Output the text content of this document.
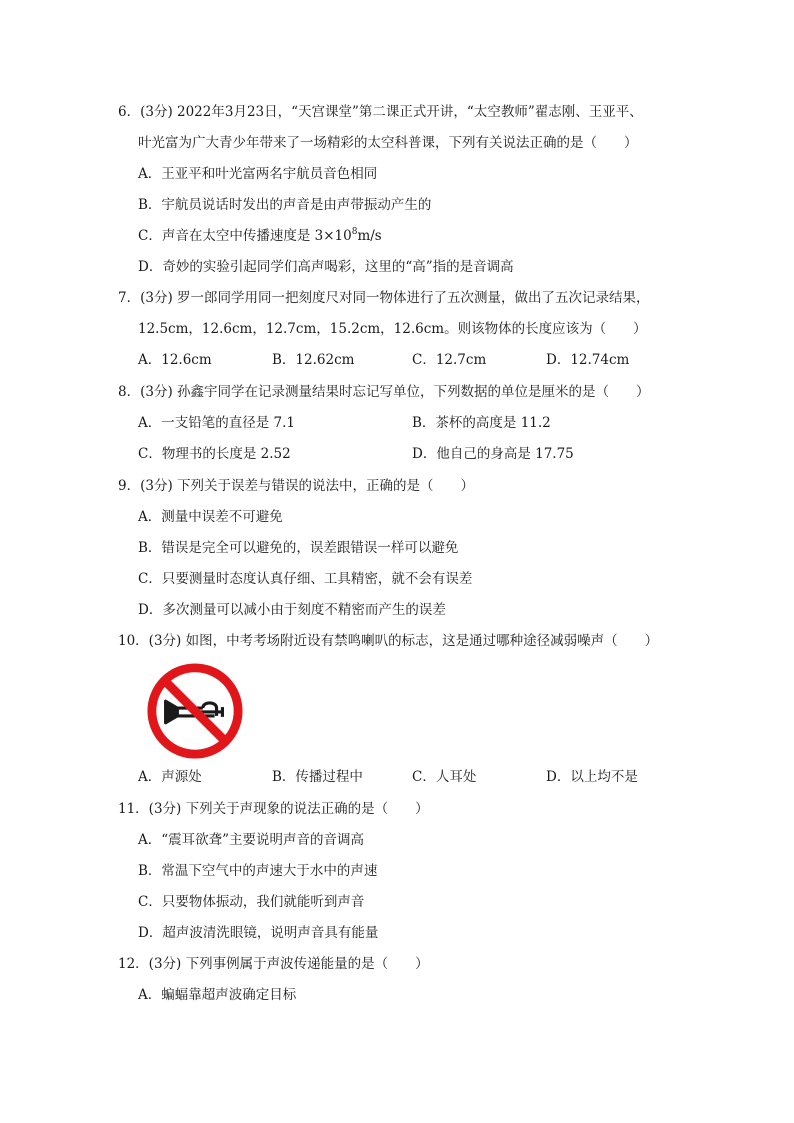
6．(3分) 2022年3月23日，“天宫课堂”第二课正式开讲，“太空教师”翟志刚、王亚平、
叶光富为广大青少年带来了一场精彩的太空科普课，下列有关说法正确的是（　　）
A．王亚平和叶光富两名宇航员音色相同
B．宇航员说话时发出的声音是由声带振动产生的
C．声音在太空中传播速度是 $3\times 10^8m/s$
D．奇妙的实验引起同学们高声喝彩，这里的“高”指的是音调高
7．(3分) 罗一郎同学用同一把刻度尺对同一物体进行了五次测量，做出了五次记录结果，
12.5cm，12.6cm，12.7cm，15.2cm，12.6cm。则该物体的长度应该为（　　）
A．12.6cm	B．12.62cm	C．12.7cm	D．12.74cm
8．(3分) 孙鑫宇同学在记录测量结果时忘记写单位，下列数据的单位是厘米的是（　　）
A．一支铅笔的直径是 7.1	B．茶杯的高度是 11.2
C．物理书的长度是 2.52	D．他自己的身高是 17.75
9．(3分) 下列关于误差与错误的说法中，正确的是（　　）
A．测量中误差不可避免
B．错误是完全可以避免的，误差跟错误一样可以避免
C．只要测量时态度认真仔细、工具精密，就不会有误差
D．多次测量可以减小由于刻度不精密而产生的误差
10．(3分) 如图，中考考场附近设有禁鸣喇叭的标志，这是通过哪种途径减弱噪声（　　）
A．声源处	B．传播过程中	C．人耳处	D．以上均不是
11．(3分) 下列关于声现象的说法正确的是（　　）
A．“震耳欲聋”主要说明声音的音调高
B．常温下空气中的声速大于水中的声速
C．只要物体振动，我们就能听到声音
D．超声波清洗眼镜，说明声音具有能量
12．(3分) 下列事例属于声波传递能量的是（　　）
A．蝙蝠靠超声波确定目标
